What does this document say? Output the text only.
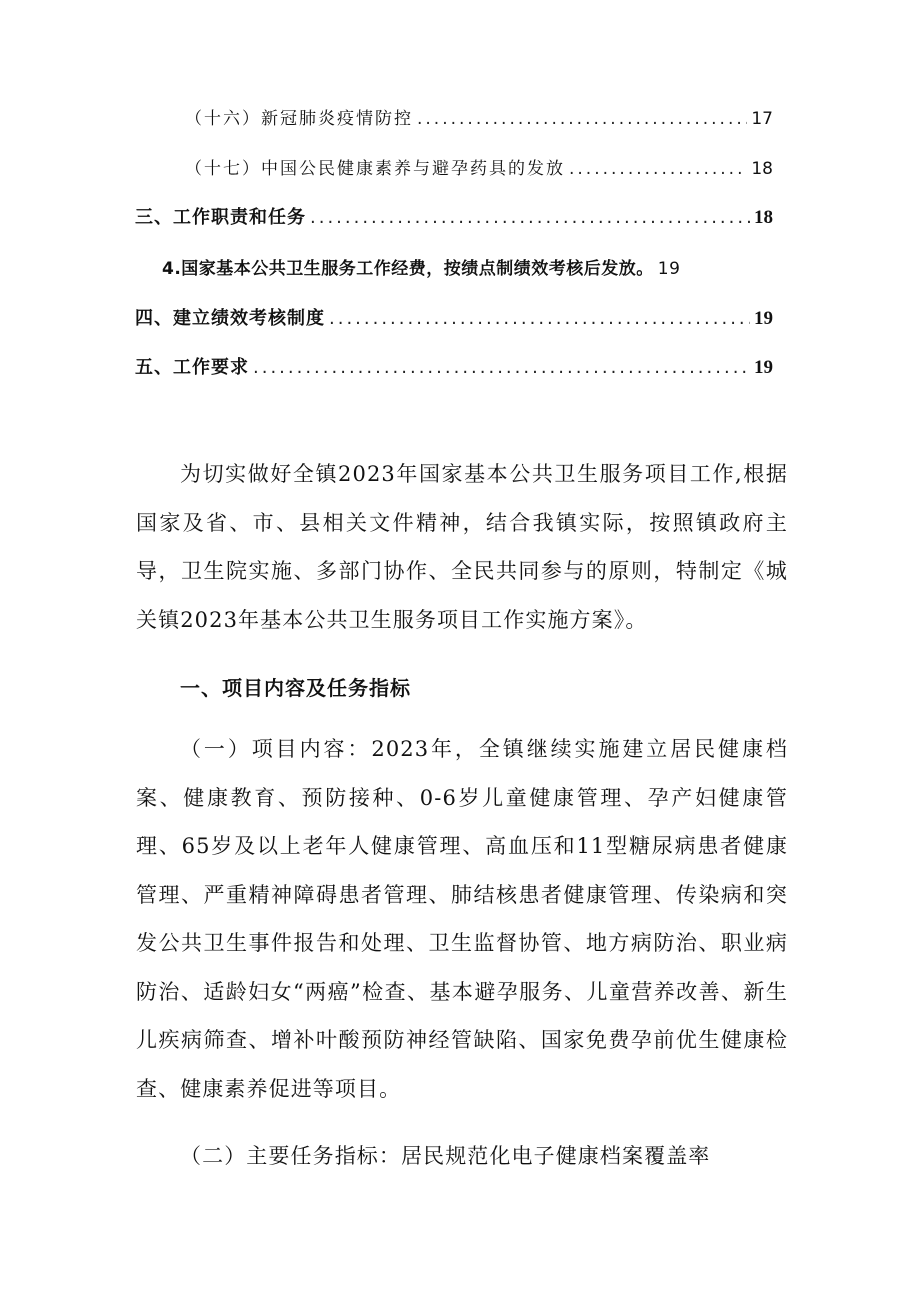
（十六）新冠肺炎疫情防控 .....	17
（十七）中国公民健康素养与避孕药具的发放 .....	18
三、工作职责和任务 .....	18
4.国家基本公共卫生服务工作经费，按绩点制绩效考核后发放。 19
四、建立绩效考核制度 .....	19
五、工作要求 .....	19

为切实做好全镇2023年国家基本公共卫生服务项目工作,根据国家及省、市、县相关文件精神，结合我镇实际，按照镇政府主导，卫生院实施、多部门协作、全民共同参与的原则，特制定《城关镇2023年基本公共卫生服务项目工作实施方案》。

一、项目内容及任务指标

（一）项目内容：2023年，全镇继续实施建立居民健康档案、健康教育、预防接种、0-6岁儿童健康管理、孕产妇健康管理、65岁及以上老年人健康管理、高血压和11型糖尿病患者健康管理、严重精神障碍患者管理、肺结核患者健康管理、传染病和突发公共卫生事件报告和处理、卫生监督协管、地方病防治、职业病防治、适龄妇女“两癌”检查、基本避孕服务、儿童营养改善、新生儿疾病筛查、增补叶酸预防神经管缺陷、国家免费孕前优生健康检查、健康素养促进等项目。

（二）主要任务指标：居民规范化电子健康档案覆盖率
